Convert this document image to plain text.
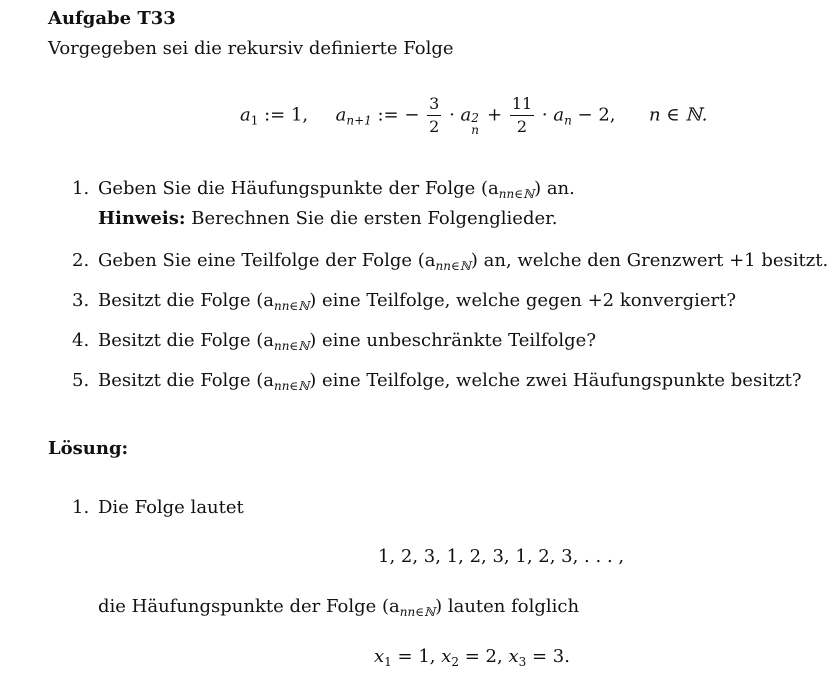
Aufgabe T33
Vorgegeben sei die rekursiv definierte Folge
$a_1$ := 1, $a_{n+1}$ := − $\frac{3}{2} \cdot a$ 2
n
+ $\frac{11}{2} \cdot a_n - 2$, n ∈ ℕ.
1. Geben Sie die Häufungspunkte der Folge $(a_{nn\in ℕ})$ an.
Hinweis: Berechnen Sie die ersten Folgenglieder.
2. Geben Sie eine Teilfolge der Folge $(a_{nn\in ℕ})$ an, welche den Grenzwert +1 besitzt.
3. Besitzt die Folge $(a_{nn\in ℕ})$ eine Teilfolge, welche gegen +2 konvergiert?
4. Besitzt die Folge $(a_{nn\in ℕ})$ eine unbeschränkte Teilfolge?
5. Besitzt die Folge $(a_{nn\in ℕ})$ eine Teilfolge, welche zwei Häufungspunkte besitzt?
Lösung:
1. Die Folge lautet
1, 2, 3, 1, 2, 3, 1, 2, 3, . . . ,
die Häufungspunkte der Folge $(a_{nn\in ℕ})$ lauten folglich
$x_1 = 1$, $x_2 = 2$, $x_3 = 3$.
